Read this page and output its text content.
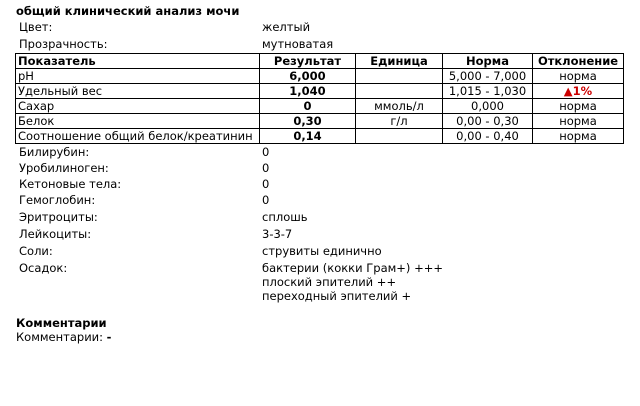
общий клинический анализ мочи
Цвет:	желтый
Прозрачность:	мутноватая
Показатель	Результат	Единица	Норма	Отклонение
pH	6,000		5,000 - 7,000	норма
Удельный вес	1,040		1,015 - 1,030	▲1%
Сахар	0	ммоль/л	0,000	норма
Белок	0,30	г/л	0,00 - 0,30	норма
Соотношение общий белок/креатинин	0,14		0,00 - 0,40	норма
Билирубин:	0
Уробилиноген:	0
Кетоновые тела:	0
Гемоглобин:	0
Эритроциты:	сплошь
Лейкоциты:	3-3-7
Соли:	струвиты единично
Осадок:	бактерии (кокки Грам+) +++
плоский эпителий ++
переходный эпителий +
Комментарии
Комментарии: -
